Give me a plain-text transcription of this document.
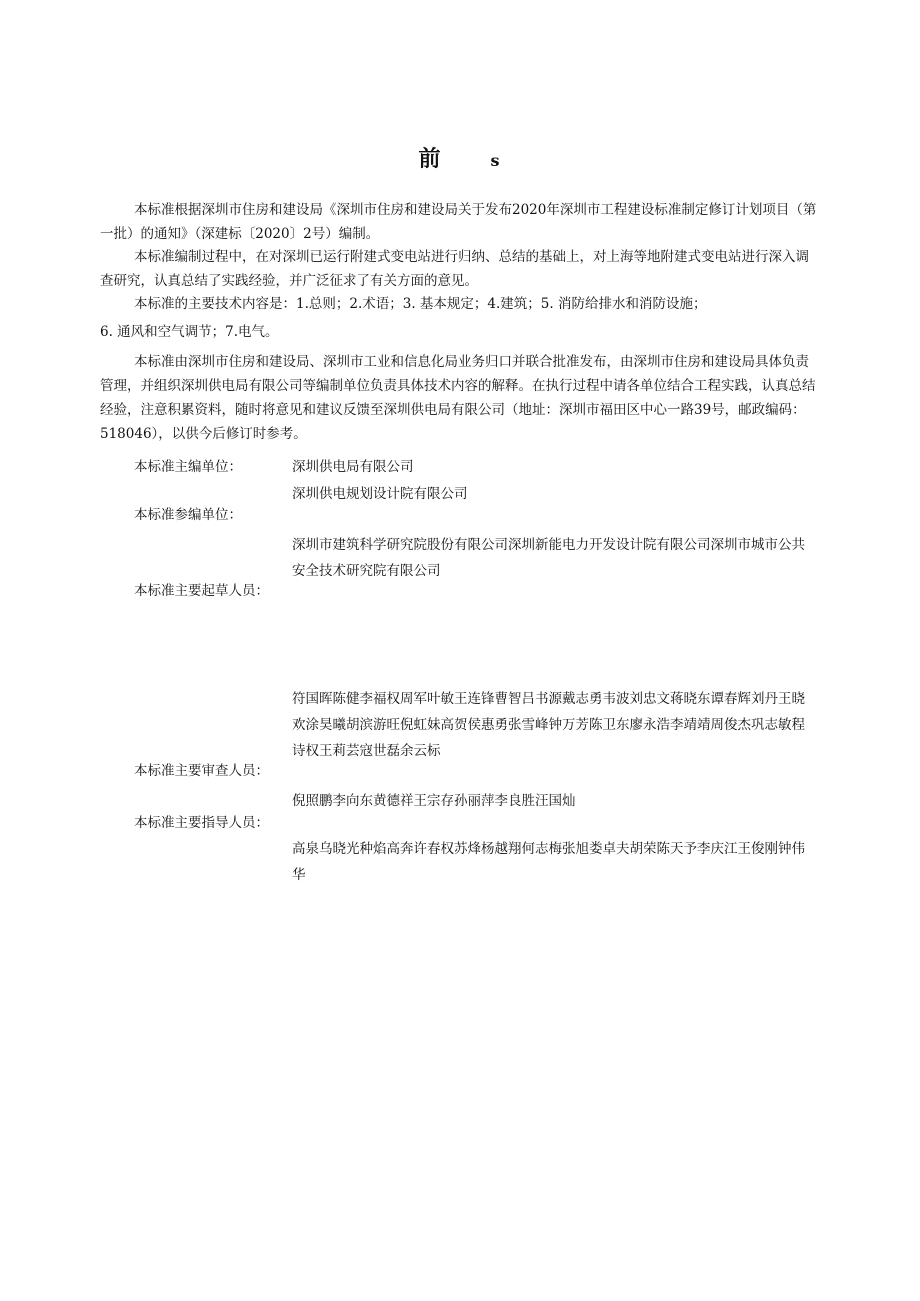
前	s

本标准根据深圳市住房和建设局《深圳市住房和建设局关于发布2020年深圳市工程建设标准制定修订计划项目（第一批）的通知》（深建标〔2020〕2号）编制。

本标准编制过程中，在对深圳已运行附建式变电站进行归纳、总结的基础上，对上海等地附建式变电站进行深入调查研究，认真总结了实践经验，并广泛征求了有关方面的意见。

本标准的主要技术内容是：1.总则；2.术语；3. 基本规定；4.建筑；5. 消防给排水和消防设施；

6. 通风和空气调节；7.电气。

本标准由深圳市住房和建设局、深圳市工业和信息化局业务归口并联合批准发布，由深圳市住房和建设局具体负责管理，并组织深圳供电局有限公司等编制单位负责具体技术内容的解释。在执行过程中请各单位结合工程实践，认真总结经验，注意积累资料，随时将意见和建议反馈至深圳供电局有限公司（地址：深圳市福田区中心一路39号，邮政编码：518046），以供今后修订时参考。

本标准主编单位：	深圳供电局有限公司
深圳供电规划设计院有限公司
本标准参编单位：
深圳市建筑科学研究院股份有限公司深圳新能电力开发设计院有限公司深圳市城市公共安全技术研究院有限公司
本标准主要起草人员：
符国晖陈健李福权周军叶敏王连锋曹智吕书源戴志勇韦波刘忠文蒋晓东谭春辉刘丹王晓欢涂昊曦胡滨游旺倪虹妹高贺侯惠勇张雪峰钟万芳陈卫东廖永浩李靖靖周俊杰巩志敏程诗权王莉芸寇世磊余云标
本标准主要审查人员：
倪照鹏李向东黄德祥王宗存孙丽萍李良胜汪国灿
本标准主要指导人员：
高泉乌晓光种焰高奔许春权苏烽杨越翔何志梅张旭娄卓夫胡荣陈天予李庆江王俊刚钟伟华
